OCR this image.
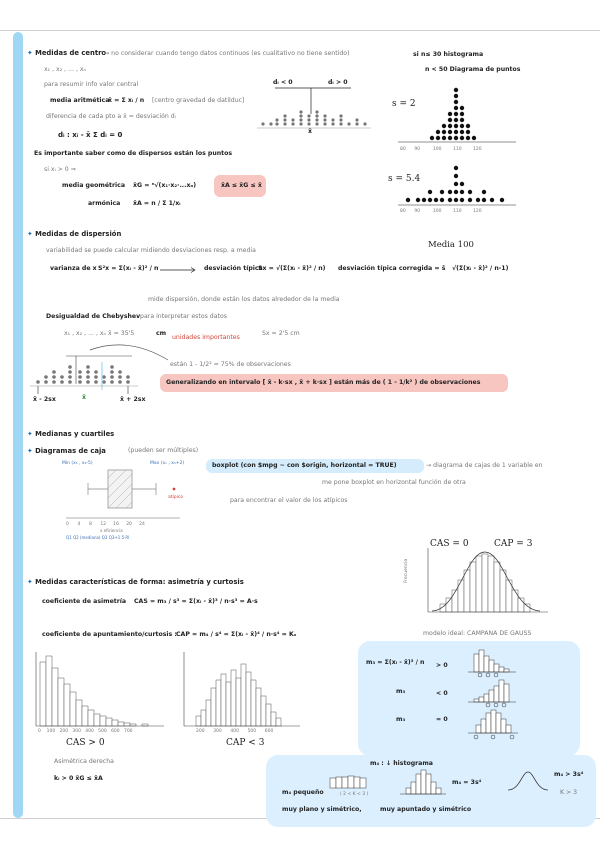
✦ Medidas de centro
→ no considerar cuando tengo datos continuos (es cualitativo no tiene sentido)
x₁ , x₂ , ... , xₙ
para resumir info valor central
media aritmética
x̄ = Σ xᵢ / n [centro gravedad de datilduc]
diferencia de cada pto a x̄ = desviación dᵢ
dᵢ : xᵢ - x̄ Σ dᵢ = 0
Es importante saber como de dispersos están los puntos
si xᵢ > 0 ⇒
media geométrica x̄G = ⁿ√(x₁·x₂·...xₙ)
armónica x̄A = n / Σ 1/xᵢ
x̄A ≤ x̄G ≤ x̄
dᵢ < 0	dᵢ > 0
x̄
si n≤ 30 histograma
n < 50 Diagrama de puntos
s = 2
80 90	100	110	120
s = 5.4
80 90	100	110	120
✦ Medidas de dispersión
Media 100
variabilidad se puede calcular midiendo desviaciones resp. a media
varianza de x S²x = Σ(xᵢ - x̄)² / n	desviación típica
Sx = √(Σ(xᵢ - x̄)² / n) desviación típica corregida = ŝ √(Σ(xᵢ - x̄)² / n-1)
mide dispersión, donde están los datos alrededor de la media
Desigualdad de Chebyshev
: para interpretar estos datos
x₁ , x₂ , ... , xₙ x̄ = 35'5	cm
unidades importantes
Sx = 2'5 cm
x̄ - 2sx	x̄	x̄ + 2sx
están 1 - 1/2² = 75% de observaciones
Generalizando en intervalo [ x̄ - k·sx , x̄ + k·sx ] están más de ( 1 - 1/k² ) de observaciones
✦ Medianas y cuartiles
✦ Diagramas de caja	(pueden ser múltiples)
Min (x₁ , x₂-5)	Max (xₙ , x₃+2)
atípico
0 4 8 12 16 20 24
x eficiencia
Q1 Q2 (mediana) Q3 Q3+1.5·RI
boxplot (con $mpg ~ con $origin, horizontal = TRUE)	→ diagrama de cajas de 1 variable en
me pone boxplot en horizontal función de otra
para encontrar el valor de los atípicos
CAS = 0	CAP = 3
Frecuencia
modelo ideal: CAMPANA DE GAUSS
✦ Medidas características de forma: asimetría y curtosis
coeficiente de asimetría CAS = m₃ / s³ = Σ(xᵢ - x̄)³ / n·s³ = A·s
coeficiente de apuntamiento/curtosis : CAP = m₄ / s⁴ = Σ(xᵢ - x̄)⁴ / n·s⁴ = Kₓ
0 100 200 300 400 500 600 700
CAS > 0
Asimétrica derecha
kᵢ > 0 x̄G ≤ x̄A
200 300 400 500 600
CAP < 3
m₃ = Σ(xᵢ - x̄)³ / n > 0
m₃	< 0
m₃	= 0
m₄ : ↓ histograma
m₄ pequeño	( 2 < K < 3 )
muy plano y simétrico,
m₄ = 3s⁴
muy apuntado y simétrico
m₄ > 3s⁴
K > 3
